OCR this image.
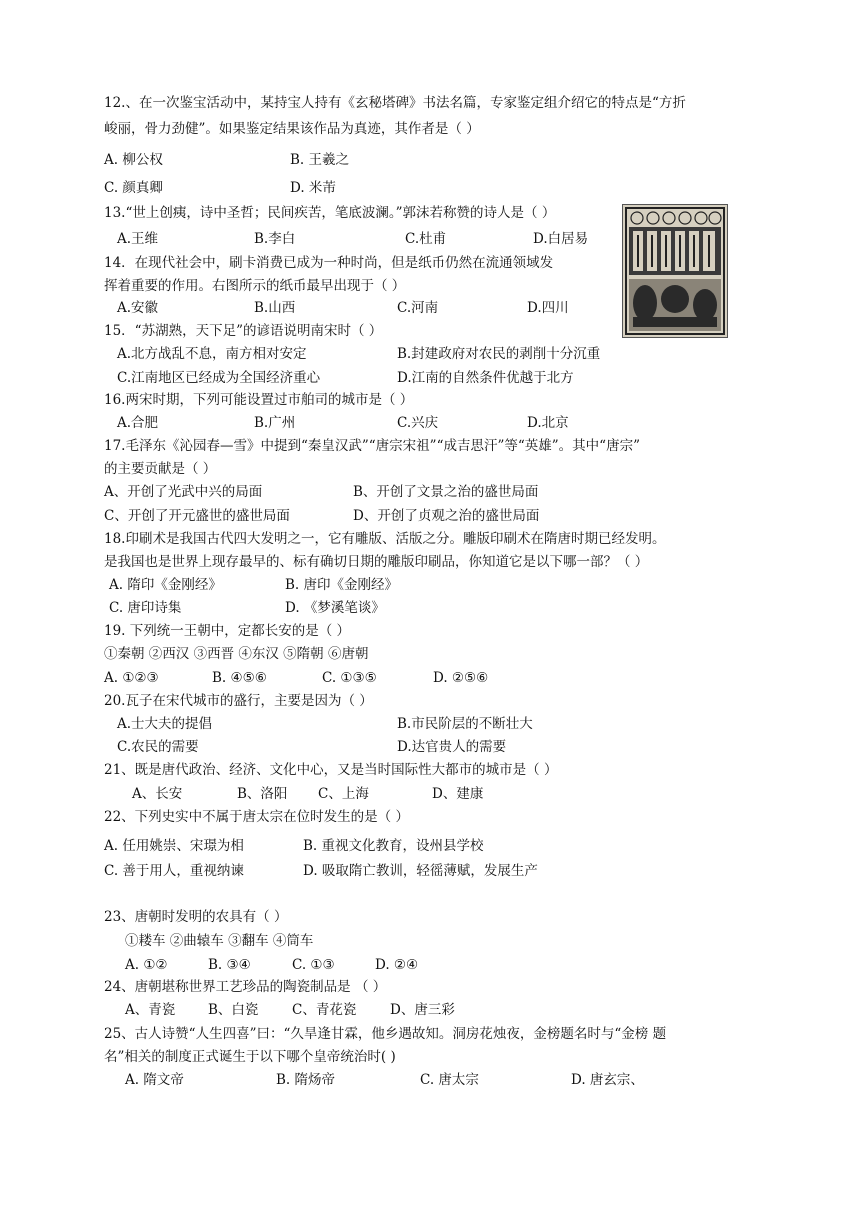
12.、在一次鉴宝活动中，某持宝人持有《玄秘塔碑》书法名篇，专家鉴定组介绍它的特点是“方折
峻丽，骨力劲健”。如果鉴定结果该作品为真迹，其作者是（ ）
A. 柳公权	B. 王羲之
C. 颜真卿	D. 米芾
13.“世上创痍，诗中圣哲；民间疾苦，笔底波澜。”郭沫若称赞的诗人是（ ）
A.王维	B.李白	C.杜甫	D.白居易
14．在现代社会中，刷卡消费已成为一种时尚，但是纸币仍然在流通领域发
挥着重要的作用。右图所示的纸币最早出现于（ ）
A.安徽	B.山西	C.河南	D.四川
15．“苏湖熟，天下足”的谚语说明南宋时（ ）
A.北方战乱不息，南方相对安定	B.封建政府对农民的剥削十分沉重
C.江南地区已经成为全国经济重心	D.江南的自然条件优越于北方
16.两宋时期，下列可能设置过市舶司的城市是（ ）
A.合肥	B.广州	C.兴庆	D.北京
17.毛泽东《沁园春—雪》中提到“秦皇汉武”“唐宗宋祖”“成吉思汗”等“英雄”。其中“唐宗”
的主要贡献是（ ）
A、开创了光武中兴的局面	B、开创了文景之治的盛世局面
C、开创了开元盛世的盛世局面	D、开创了贞观之治的盛世局面
18.印刷术是我国古代四大发明之一，它有雕版、活版之分。雕版印刷术在隋唐时期已经发明。
是我国也是世界上现存最早的、标有确切日期的雕版印刷品，你知道它是以下哪一部？（ ）
A. 隋印《金刚经》	B. 唐印《金刚经》
C. 唐印诗集	D. 《梦溪笔谈》
19. 下列统一王朝中，定都长安的是（ ）
①秦朝 ②西汉 ③西晋 ④东汉 ⑤隋朝 ⑥唐朝
A. ①②③	B. ④⑤⑥	C. ①③⑤	D. ②⑤⑥
20.瓦子在宋代城市的盛行，主要是因为（ ）
A.士大夫的提倡	B.市民阶层的不断壮大
C.农民的需要	D.达官贵人的需要
21、既是唐代政治、经济、文化中心，又是当时国际性大都市的城市是（ ）
A、长安	B、洛阳 C、上海	D、建康
22、下列史实中不属于唐太宗在位时发生的是（ ）
A. 任用姚崇、宋璟为相	B. 重视文化教育，设州县学校
C. 善于用人，重视纳谏	D. 吸取隋亡教训，轻徭薄赋，发展生产
23、唐朝时发明的农具有（ ）
①耧车 ②曲辕车 ③翻车 ④筒车
A. ①②	B. ③④	C. ①③	D. ②④
24、唐朝堪称世界工艺珍品的陶瓷制品是 （ ）
A、青瓷 B、白瓷 C、青花瓷 D、唐三彩
25、古人诗赞“人生四喜”曰：“久旱逢甘霖，他乡遇故知。洞房花烛夜，金榜题名时与“金榜 题
名”相关的制度正式诞生于以下哪个皇帝统治时( )
A. 隋文帝	B. 隋炀帝	C. 唐太宗	D. 唐玄宗、
